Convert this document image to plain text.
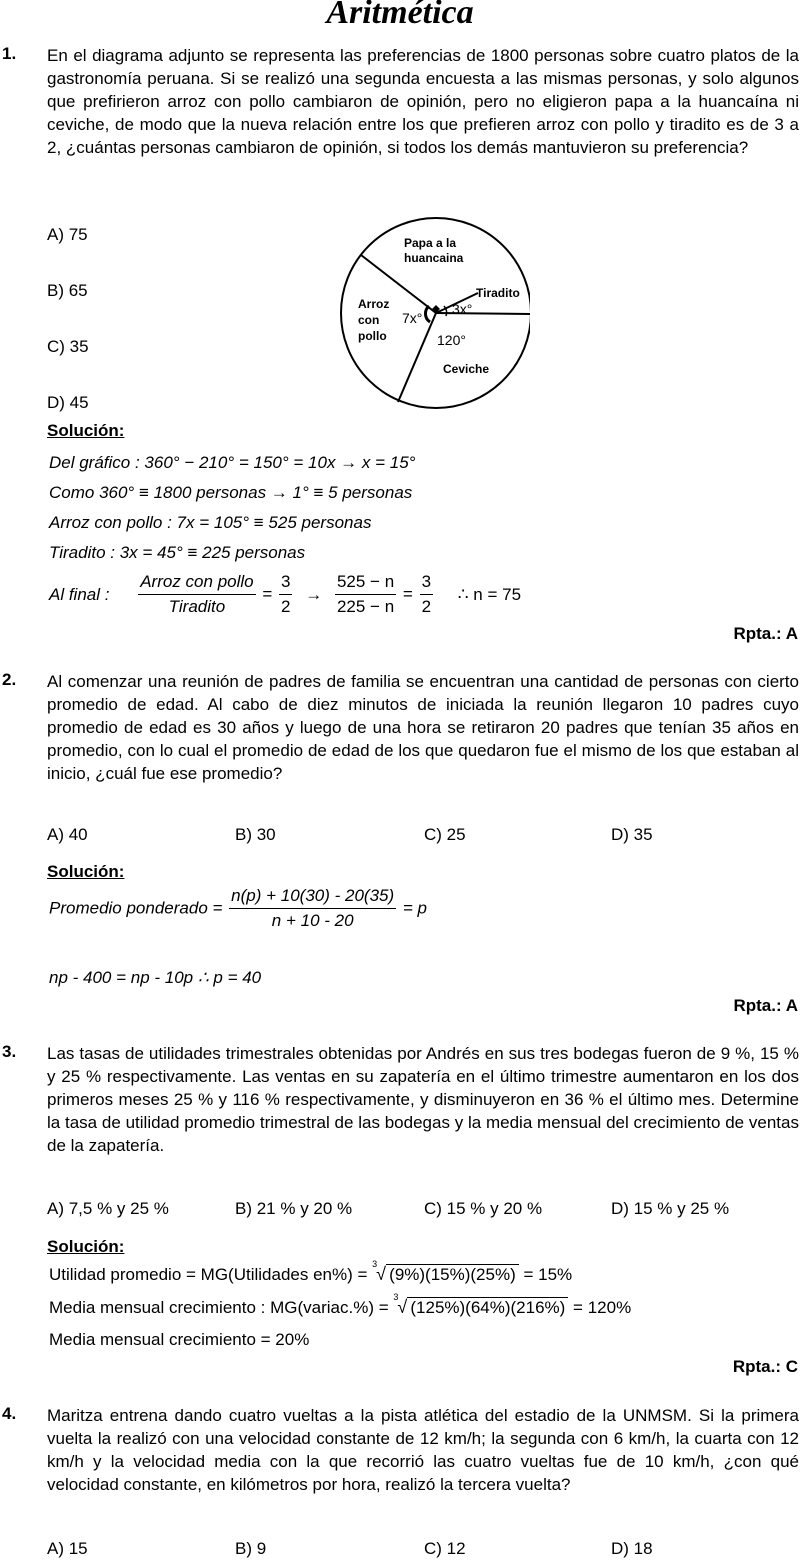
Aritmética
1. En el diagrama adjunto se representa las preferencias de 1800 personas sobre cuatro platos de la gastronomía peruana. Si se realizó una segunda encuesta a las mismas personas, y solo algunos que prefirieron arroz con pollo cambiaron de opinión, pero no eligieron papa a la huancaína ni ceviche, de modo que la nueva relación entre los que prefieren arroz con pollo y tiradito es de 3 a 2, ¿cuántas personas cambiaron de opinión, si todos los demás mantuvieron su preferencia?

A) 75
B) 65
C) 35
D) 45
Papa a la
huancaina
Tiradito
Arroz
con
pollo
Ceviche
7x°
3x°
120°
Solución:
Del gráfico : 360° − 210° = 150° = 10x → x = 15°
Como 360° ≡ 1800 personas → 1° ≡ 5 personas
Arroz con pollo : 7x = 105° ≡ 525 personas
Tiradito : 3x = 45° ≡ 225 personas
Al final : $\frac{\text{Arroz con pollo}}{\text{Tiradito}} = \frac{3}{2} \to \frac{525 - n}{225 - n} = \frac{3}{2}$ ∴ n = 75
Rpta.: A
2. Al comenzar una reunión de padres de familia se encuentran una cantidad de personas con cierto promedio de edad. Al cabo de diez minutos de iniciada la reunión llegaron 10 padres cuyo promedio de edad es 30 años y luego de una hora se retiraron 20 padres que tenían 35 años en promedio, con lo cual el promedio de edad de los que quedaron fue el mismo de los que estaban al inicio, ¿cuál fue ese promedio?

A) 40	B) 30	C) 25	D) 35
Solución:
Promedio ponderado = $\frac{n(p) + 10(30) - 20(35)}{n + 10 - 20} = p$
np - 400 = np - 10p ∴ p = 40
Rpta.: A
3. Las tasas de utilidades trimestrales obtenidas por Andrés en sus tres bodegas fueron de 9 %, 15 % y 25 % respectivamente. Las ventas en su zapatería en el último trimestre aumentaron en los dos primeros meses 25 % y 116 % respectivamente, y disminuyeron en 36 % el último mes. Determine la tasa de utilidad promedio trimestral de las bodegas y la media mensual del crecimiento de ventas de la zapatería.

A) 7,5 % y 25 %	B) 21 % y 20 %	C) 15 % y 20 %	D) 15 % y 25 %
Solución:
Utilidad promedio = MG(Utilidades en%) =
3
√ (9%)(15%)(25%) = 15%
Media mensual crecimiento : MG(variac.%) =
3
√ (125%)(64%)(216%) = 120%
Media mensual crecimiento = 20%
Rpta.: C
4. Maritza entrena dando cuatro vueltas a la pista atlética del estadio de la UNMSM. Si la primera vuelta la realizó con una velocidad constante de 12 km/h; la segunda con 6 km/h, la cuarta con 12 km/h y la velocidad media con la que recorrió las cuatro vueltas fue de 10 km/h, ¿con qué velocidad constante, en kilómetros por hora, realizó la tercera vuelta?

A) 15	B) 9	C) 12	D) 18
